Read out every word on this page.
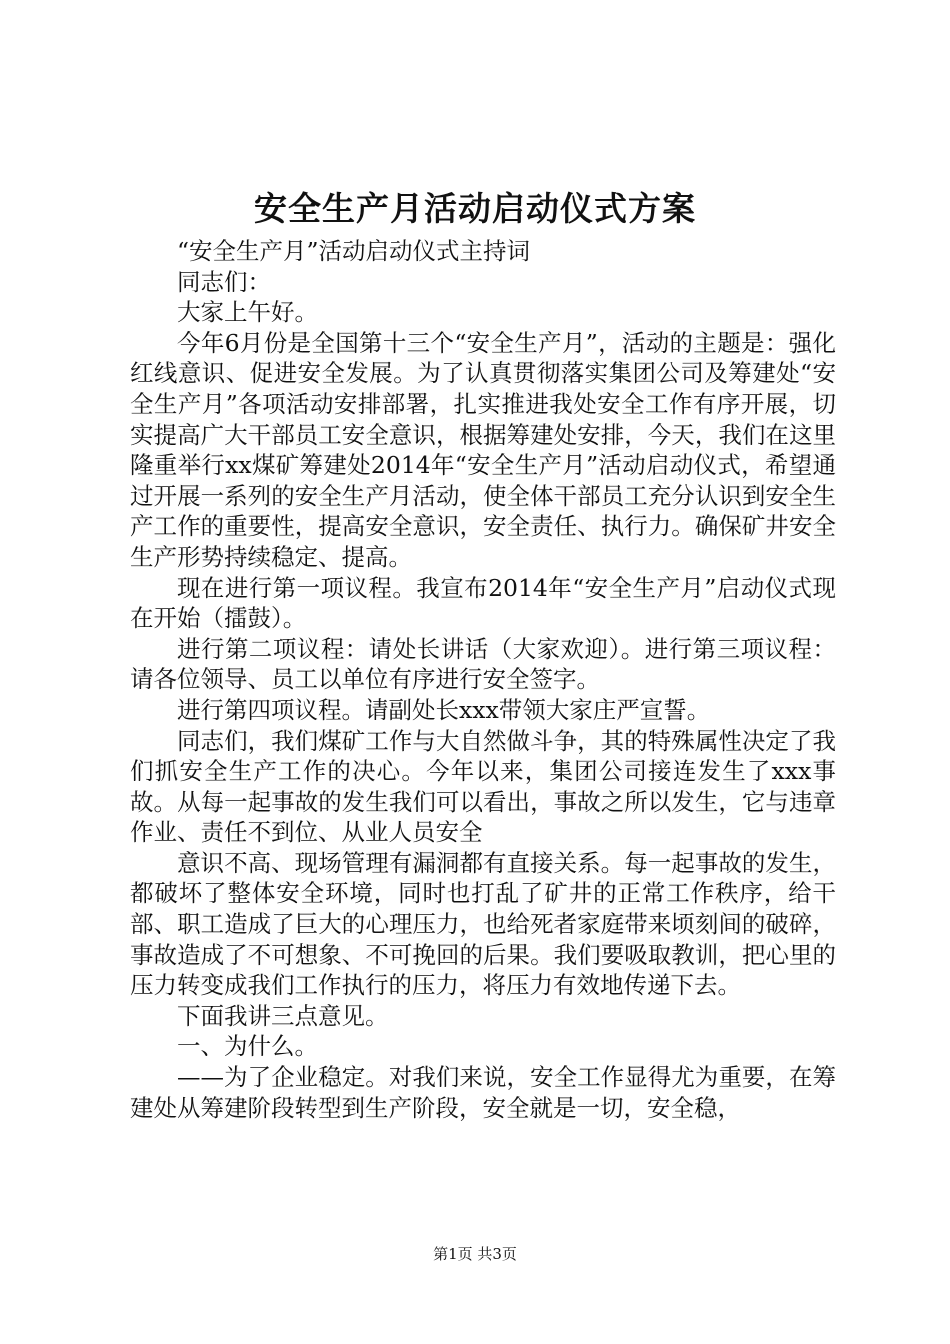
安全生产月活动启动仪式方案

“安全生产月”活动启动仪式主持词

同志们：

大家上午好。

今年6月份是全国第十三个“安全生产月”，活动的主题是：强化红线意识、促进安全发展。为了认真贯彻落实集团公司及筹建处“安全生产月”各项活动安排部署，扎实推进我处安全工作有序开展，切实提高广大干部员工安全意识，根据筹建处安排，今天，我们在这里隆重举行xx煤矿筹建处2014年“安全生产月”活动启动仪式，希望通过开展一系列的安全生产月活动，使全体干部员工充分认识到安全生产工作的重要性，提高安全意识，安全责任、执行力。确保矿井安全生产形势持续稳定、提高。

现在进行第一项议程。我宣布2014年“安全生产月”启动仪式现在开始（擂鼓）。

进行第二项议程：请处长讲话（大家欢迎）。进行第三项议程：请各位领导、员工以单位有序进行安全签字。

进行第四项议程。请副处长xxx带领大家庄严宣誓。

同志们，我们煤矿工作与大自然做斗争，其的特殊属性决定了我们抓安全生产工作的决心。今年以来，集团公司接连发生了xxx事故。从每一起事故的发生我们可以看出，事故之所以发生，它与违章作业、责任不到位、从业人员安全

意识不高、现场管理有漏洞都有直接关系。每一起事故的发生，都破坏了整体安全环境，同时也打乱了矿井的正常工作秩序，给干部、职工造成了巨大的心理压力，也给死者家庭带来顷刻间的破碎，事故造成了不可想象、不可挽回的后果。我们要吸取教训，把心里的压力转变成我们工作执行的压力，将压力有效地传递下去。

下面我讲三点意见。

一、为什么。

——为了企业稳定。对我们来说，安全工作显得尤为重要，在筹建处从筹建阶段转型到生产阶段，安全就是一切，安全稳，

第1页 共3页
